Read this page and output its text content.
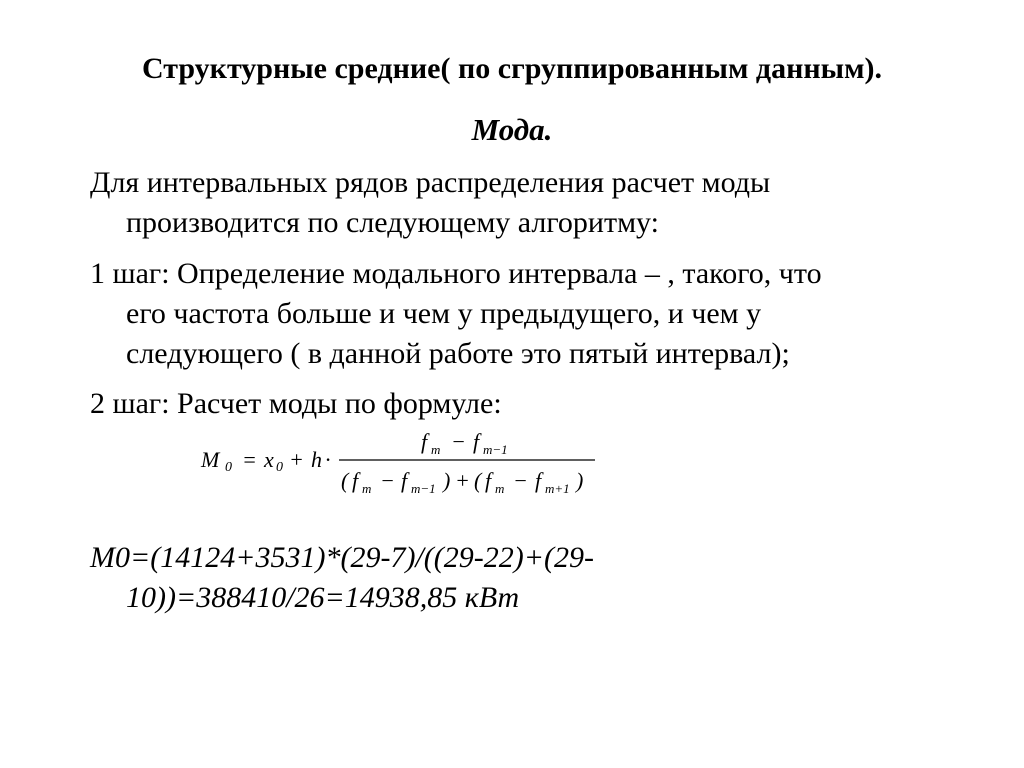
Структурные средние( по сгруппированным данным).
Мода.
Для интервальных рядов распределения расчет моды
производится по следующему алгоритму:
1 шаг: Определение модального интервала – , такого, что
его частота больше и чем у предыдущего, и чем у
следующего ( в данной работе это пятый интервал);
2 шаг: Расчет моды по формуле:
M 0 = x 0 + h ·
f m − f m−1
( f m − f m−1 ) + ( f m − f m+1 )
M0=(14124+3531)*(29-7)/((29-22)+(29-
10))=388410/26=14938,85 кВт
